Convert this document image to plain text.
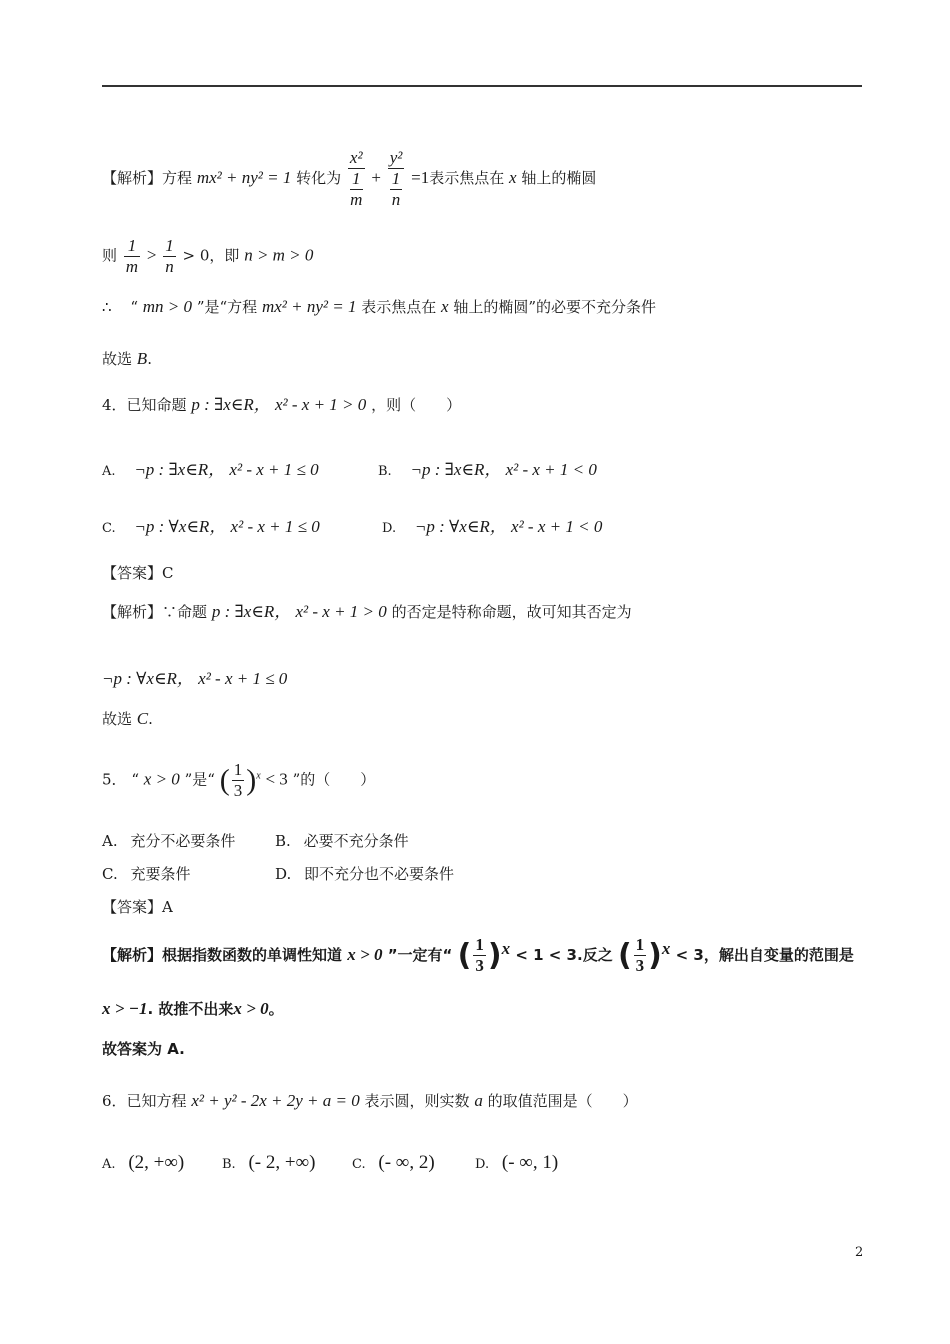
【解析】方程 mx² + ny² = 1 转化为 x²
1
m + y²
1
n =1表示焦点在 x 轴上的椭圆
则 $\frac{1}{m} > \frac{1}{n} > 0$，即 n > m > 0
∴ “ mn > 0 ”是“方程 mx² + ny² = 1 表示焦点在 x 轴上的椭圆”的必要不充分条件
故选 B.
4．已知命题 p : ∃x∈R， x² - x + 1 > 0 ，则（　　）
A. ¬p : ∃x∈R， x² - x + 1 ≤ 0	B. ¬p : ∃x∈R， x² - x + 1 < 0
C. ¬p : ∀x∈R， x² - x + 1 ≤ 0	D. ¬p : ∀x∈R， x² - x + 1 < 0
【答案】C
【解析】∵命题 p : ∃x∈R， x² - x + 1 > 0 的否定是特称命题，故可知其否定为
¬p : ∀x∈R， x² - x + 1 ≤ 0
故选 C.
5． “ x > 0 ”是“ ( $\frac{1}{3} )^x < 3$ ”的（　　）
A. 充分不必要条件	B. 必要不充分条件
C. 充要条件	D. 即不充分也不必要条件
【答案】A
【解析】根据指数函数的单调性知道 x > 0 ”一定有“ ( $\frac{1}{3} )^x < 1 < 3$.反之 ( $\frac{1}{3} )^x < 3$，解出自变量的范围是
x > −1. 故推不出来x > 0。
故答案为 A.
6．已知方程 x² + y² - 2x + 2y + a = 0 表示圆，则实数 a 的取值范围是（　　）
A. (2, +∞)	B. (- 2, +∞)	C. (- ∞, 2)	D. (- ∞, 1)
2
